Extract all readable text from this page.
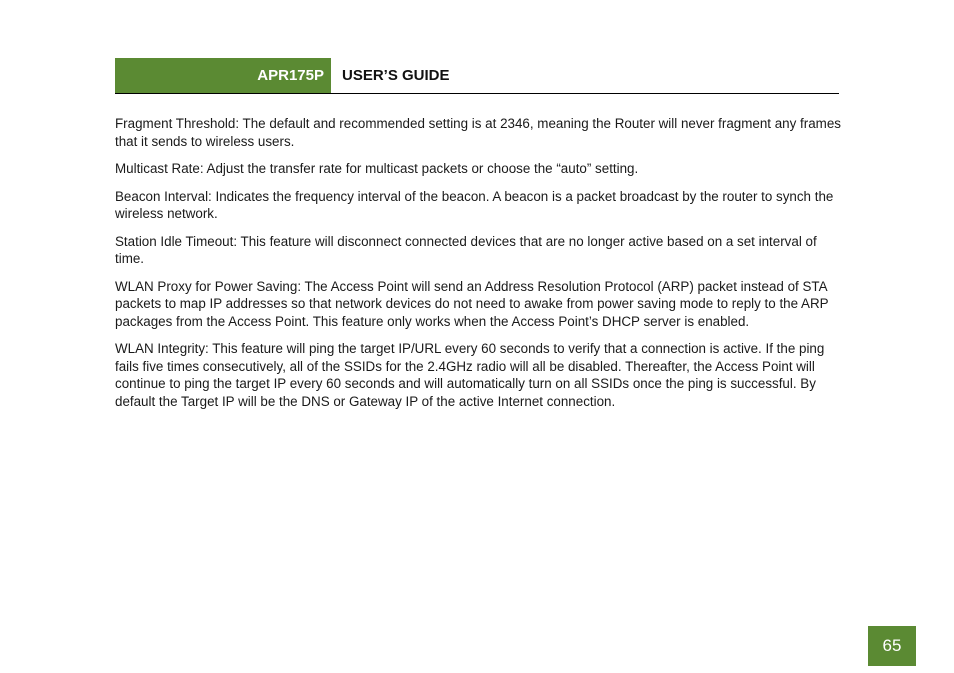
APR175P	USER’S GUIDE

Fragment Threshold: The default and recommended setting is at 2346, meaning the Router will never fragment any frames that it sends to wireless users.

Multicast Rate: Adjust the transfer rate for multicast packets or choose the “auto” setting.

Beacon Interval: Indicates the frequency interval of the beacon. A beacon is a packet broadcast by the router to synch the wireless network.

Station Idle Timeout: This feature will disconnect connected devices that are no longer active based on a set interval of time.

WLAN Proxy for Power Saving: The Access Point will send an Address Resolution Protocol (ARP) packet instead of STA packets to map IP addresses so that network devices do not need to awake from power saving mode to reply to the ARP packages from the Access Point. This feature only works when the Access Point’s DHCP server is enabled.

WLAN Integrity: This feature will ping the target IP/URL every 60 seconds to verify that a connection is active. If the ping fails five times consecutively, all of the SSIDs for the 2.4GHz radio will all be disabled. Thereafter, the Access Point will continue to ping the target IP every 60 seconds and will automatically turn on all SSIDs once the ping is successful. By default the Target IP will be the DNS or Gateway IP of the active Internet connection.

65
